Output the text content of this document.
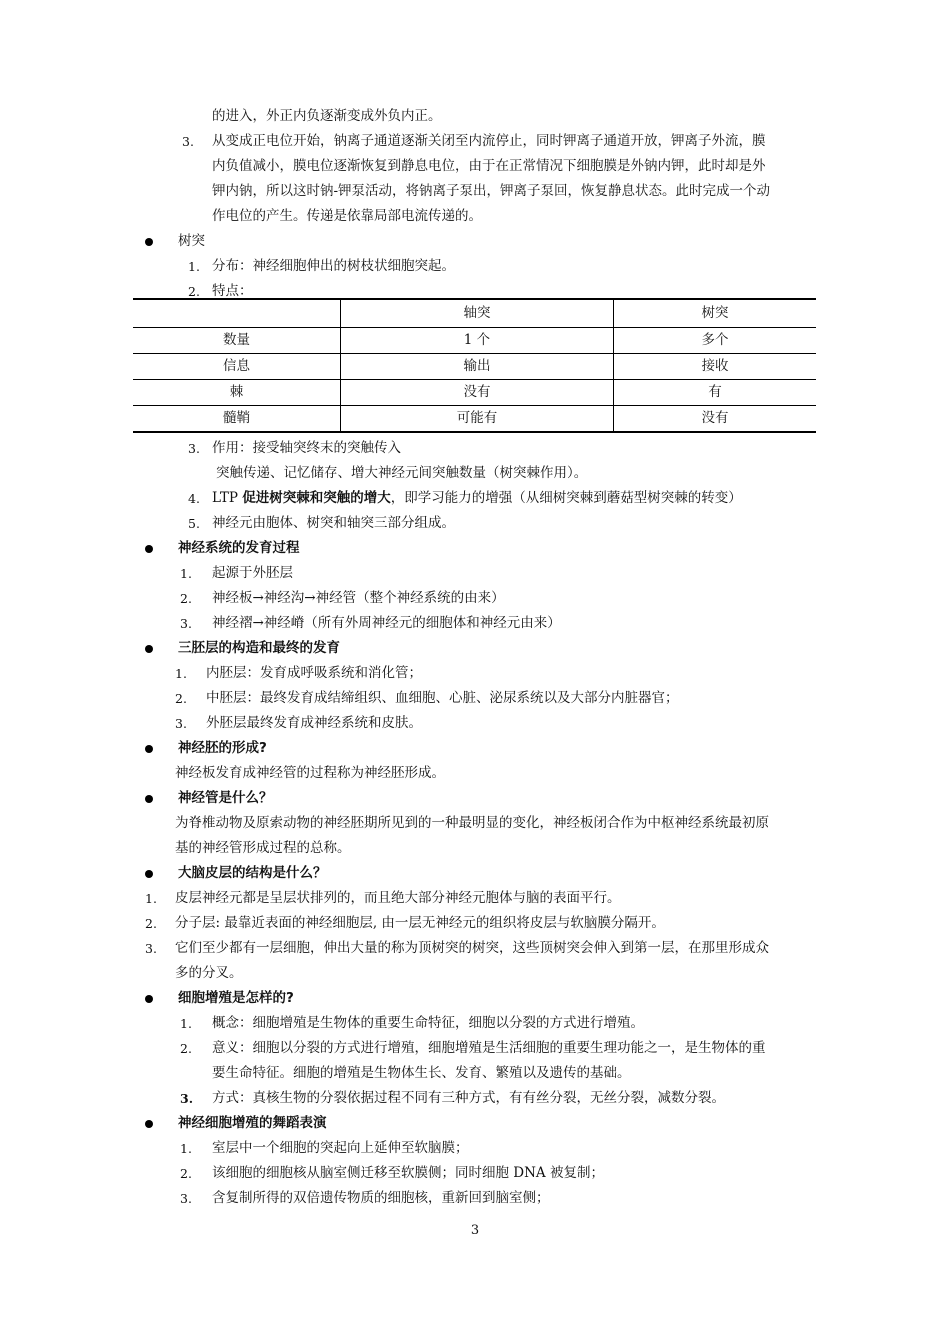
的进入，外正内负逐渐变成外负内正。
3. 从变成正电位开始，钠离子通道逐渐关闭至内流停止，同时钾离子通道开放，钾离子外流，膜
内负值减小，膜电位逐渐恢复到静息电位，由于在正常情况下细胞膜是外钠内钾，此时却是外
钾内钠，所以这时钠-钾泵活动，将钠离子泵出，钾离子泵回，恢复静息状态。此时完成一个动
作电位的产生。传递是依靠局部电流传递的。
树突
1. 分布：神经细胞伸出的树枝状细胞突起。
2. 特点：
	轴突	树突
数量	1 个	多个
信息	输出	接收
棘	没有	有
髓鞘	可能有	没有
3. 作用：接受轴突终末的突触传入
突触传递、记忆储存、增大神经元间突触数量（树突棘作用）。
4. LTP 促进树突棘和突触的增大，即学习能力的增强（从细树突棘到蘑菇型树突棘的转变）
5. 神经元由胞体、树突和轴突三部分组成。
神经系统的发育过程
1. 起源于外胚层
2. 神经板→神经沟→神经管（整个神经系统的由来）
3. 神经褶→神经嵴（所有外周神经元的细胞体和神经元由来）
三胚层的构造和最终的发育
1. 内胚层：发育成呼吸系统和消化管；
2. 中胚层：最终发育成结缔组织、血细胞、心脏、泌尿系统以及大部分内脏器官；
3. 外胚层最终发育成神经系统和皮肤。
神经胚的形成?
神经板发育成神经管的过程称为神经胚形成。
神经管是什么？
为脊椎动物及原索动物的神经胚期所见到的一种最明显的变化，神经板闭合作为中枢神经系统最初原
基的神经管形成过程的总称。
大脑皮层的结构是什么？
1. 皮层神经元都是呈层状排列的，而且绝大部分神经元胞体与脑的表面平行。
2. 分子层: 最靠近表面的神经细胞层, 由一层无神经元的组织将皮层与软脑膜分隔开。
3. 它们至少都有一层细胞，伸出大量的称为顶树突的树突，这些顶树突会伸入到第一层，在那里形成众
多的分叉。
细胞增殖是怎样的?
1. 概念：细胞增殖是生物体的重要生命特征，细胞以分裂的方式进行增殖。
2. 意义：细胞以分裂的方式进行增殖，细胞增殖是生活细胞的重要生理功能之一，是生物体的重
要生命特征。细胞的增殖是生物体生长、发育、繁殖以及遗传的基础。
3. 方式：真核生物的分裂依据过程不同有三种方式，有有丝分裂，无丝分裂，减数分裂。
神经细胞增殖的舞蹈表演
1. 室层中一个细胞的突起向上延伸至软脑膜；
2. 该细胞的细胞核从脑室侧迁移至软膜侧；同时细胞 DNA 被复制；
3. 含复制所得的双倍遗传物质的细胞核，重新回到脑室侧；
3
